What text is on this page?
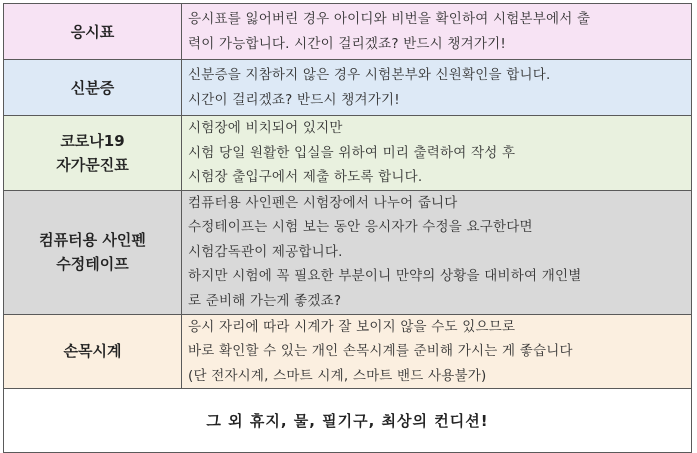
응시표	응시표를 잃어버린 경우 아이디와 비번을 확인하여 시험본부에서 출
력이 가능합니다. 시간이 걸리겠죠? 반드시 챙겨가기!

신분증	신분증을 지참하지 않은 경우 시험본부와 신원확인을 합니다.
시간이 걸리겠죠? 반드시 챙겨가기!

코로나19
자가문진표	시험장에 비치되어 있지만
시험 당일 원활한 입실을 위하여 미리 출력하여 작성 후
시험장 출입구에서 제출 하도록 합니다.

컴퓨터용 사인펜
수정테이프	컴퓨터용 사인펜은 시험장에서 나누어 줍니다
수정테이프는 시험 보는 동안 응시자가 수정을 요구한다면
시험감독관이 제공합니다.
하지만 시험에 꼭 필요한 부분이니 만약의 상황을 대비하여 개인별
로 준비해 가는게 좋겠죠?

손목시계	응시 자리에 따라 시계가 잘 보이지 않을 수도 있으므로
바로 확인할 수 있는 개인 손목시계를 준비해 가시는 게 좋습니다
(단 전자시계, 스마트 시계, 스마트 밴드 사용불가)

그 외 휴지, 물, 필기구, 최상의 컨디션!	
